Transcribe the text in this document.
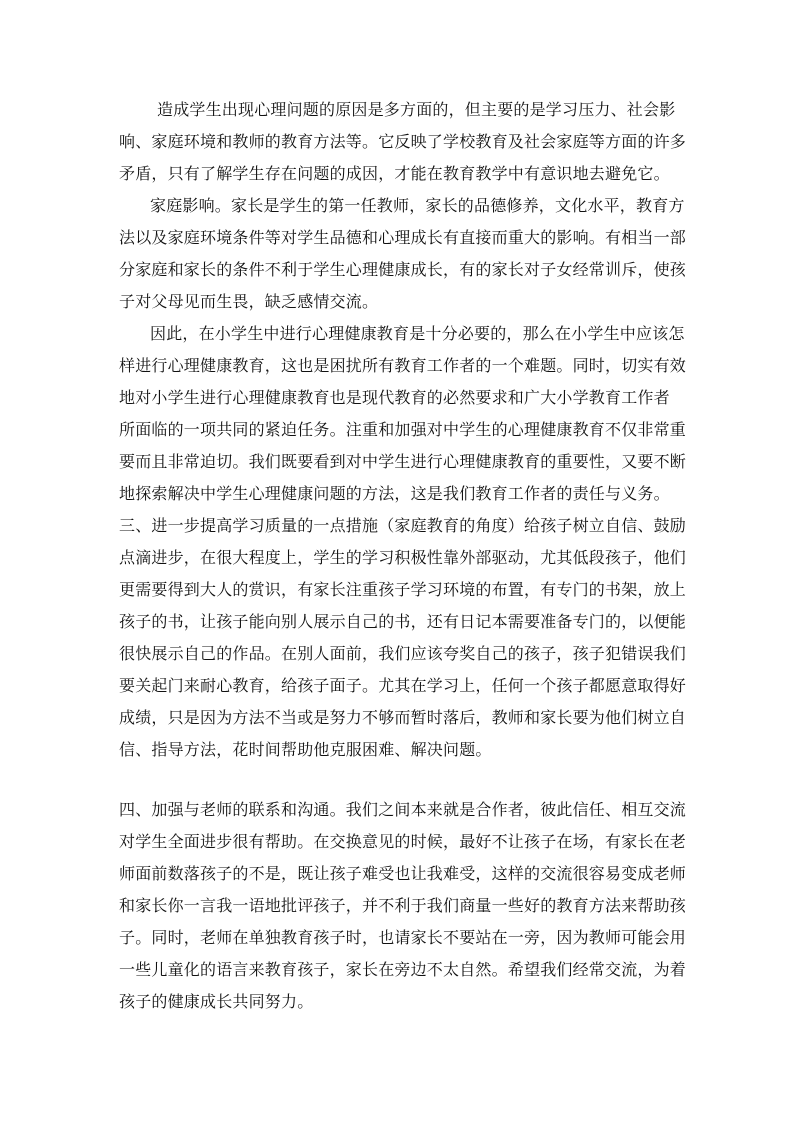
造成学生出现心理问题的原因是多方面的，但主要的是学习压力、社会影
响、家庭环境和教师的教育方法等。它反映了学校教育及社会家庭等方面的许多
矛盾，只有了解学生存在问题的成因，才能在教育教学中有意识地去避免它。
家庭影响。家长是学生的第一任教师，家长的品德修养，文化水平，教育方
法以及家庭环境条件等对学生品德和心理成长有直接而重大的影响。有相当一部
分家庭和家长的条件不利于学生心理健康成长，有的家长对子女经常训斥，使孩
子对父母见而生畏，缺乏感情交流。
因此，在小学生中进行心理健康教育是十分必要的，那么在小学生中应该怎
样进行心理健康教育，这也是困扰所有教育工作者的一个难题。同时，切实有效
地对小学生进行心理健康教育也是现代教育的必然要求和广大小学教育工作者
所面临的一项共同的紧迫任务。注重和加强对中学生的心理健康教育不仅非常重
要而且非常迫切。我们既要看到对中学生进行心理健康教育的重要性，又要不断
地探索解决中学生心理健康问题的方法，这是我们教育工作者的责任与义务。
三、进一步提高学习质量的一点措施（家庭教育的角度）给孩子树立自信、鼓励
点滴进步，在很大程度上，学生的学习积极性靠外部驱动，尤其低段孩子，他们
更需要得到大人的赏识，有家长注重孩子学习环境的布置，有专门的书架，放上
孩子的书，让孩子能向别人展示自己的书，还有日记本需要准备专门的，以便能
很快展示自己的作品。在别人面前，我们应该夸奖自己的孩子，孩子犯错误我们
要关起门来耐心教育，给孩子面子。尤其在学习上，任何一个孩子都愿意取得好
成绩，只是因为方法不当或是努力不够而暂时落后，教师和家长要为他们树立自
信、指导方法，花时间帮助他克服困难、解决问题。
四、加强与老师的联系和沟通。我们之间本来就是合作者，彼此信任、相互交流
对学生全面进步很有帮助。在交换意见的时候，最好不让孩子在场，有家长在老
师面前数落孩子的不是，既让孩子难受也让我难受，这样的交流很容易变成老师
和家长你一言我一语地批评孩子，并不利于我们商量一些好的教育方法来帮助孩
子。同时，老师在单独教育孩子时，也请家长不要站在一旁，因为教师可能会用
一些儿童化的语言来教育孩子，家长在旁边不太自然。希望我们经常交流，为着
孩子的健康成长共同努力。
